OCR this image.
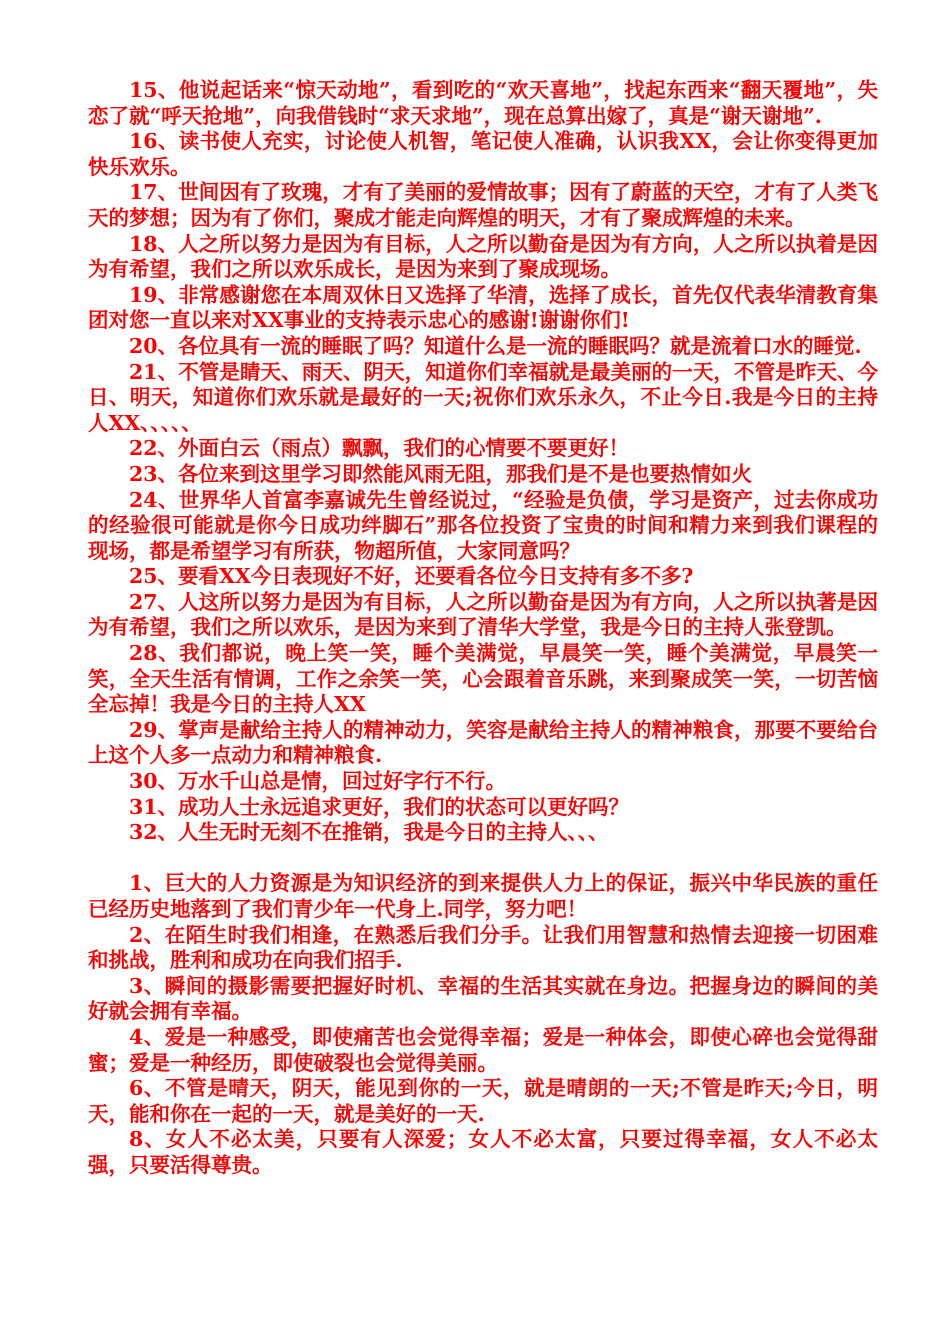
15、他说起话来“惊天动地”，看到吃的“欢天喜地”，找起东西来“翻天覆地”，失恋了就“呼天抢地”，向我借钱时“求天求地”，现在总算出嫁了，真是“谢天谢地”.

16、读书使人充实，讨论使人机智，笔记使人准确，认识我XX，会让你变得更加快乐欢乐。

17、世间因有了玫瑰，才有了美丽的爱情故事；因有了蔚蓝的天空，才有了人类飞天的梦想；因为有了你们，聚成才能走向辉煌的明天，才有了聚成辉煌的未来。

18、人之所以努力是因为有目标，人之所以勤奋是因为有方向，人之所以执着是因为有希望，我们之所以欢乐成长，是因为来到了聚成现场。

19、非常感谢您在本周双休日又选择了华清，选择了成长，首先仅代表华清教育集团对您一直以来对XX事业的支持表示忠心的感谢!谢谢你们!

20、各位具有一流的睡眠了吗？知道什么是一流的睡眠吗？就是流着口水的睡觉.

21、不管是睛天、雨天、阴天，知道你们幸福就是最美丽的一天，不管是昨天、今日、明天，知道你们欢乐就是最好的一天;祝你们欢乐永久，不止今日.我是今日的主持人XX、、、、、

22、外面白云（雨点）飘飘，我们的心情要不要更好！

23、各位来到这里学习即然能风雨无阻，那我们是不是也要热情如火

24、世界华人首富李嘉诚先生曾经说过，“经验是负债，学习是资产，过去你成功的经验很可能就是你今日成功绊脚石”那各位投资了宝贵的时间和精力来到我们课程的现场，都是希望学习有所获，物超所值，大家同意吗？

25、要看XX今日表现好不好，还要看各位今日支持有多不多?

27、人这所以努力是因为有目标，人之所以勤奋是因为有方向，人之所以执著是因为有希望，我们之所以欢乐，是因为来到了清华大学堂，我是今日的主持人张登凯。

28、我们都说，晚上笑一笑，睡个美满觉，早晨笑一笑，睡个美满觉，早晨笑一笑，全天生活有情调，工作之余笑一笑，心会跟着音乐跳，来到聚成笑一笑，一切苦恼全忘掉！我是今日的主持人XX

29、掌声是献给主持人的精神动力，笑容是献给主持人的精神粮食，那要不要给台上这个人多一点动力和精神粮食.

30、万水千山总是情，回过好字行不行。

31、成功人士永远追求更好，我们的状态可以更好吗？

32、人生无时无刻不在推销，我是今日的主持人、、、

1、巨大的人力资源是为知识经济的到来提供人力上的保证，振兴中华民族的重任已经历史地落到了我们青少年一代身上.同学，努力吧！

2、在陌生时我们相逢，在熟悉后我们分手。让我们用智慧和热情去迎接一切困难和挑战，胜利和成功在向我们招手.

3、瞬间的摄影需要把握好时机、幸福的生活其实就在身边。把握身边的瞬间的美好就会拥有幸福。

4、爱是一种感受，即使痛苦也会觉得幸福；爱是一种体会，即使心碎也会觉得甜蜜；爱是一种经历，即使破裂也会觉得美丽。

6、不管是晴天，阴天，能见到你的一天，就是晴朗的一天;不管是昨天;今日，明天，能和你在一起的一天，就是美好的一天.

8、女人不必太美，只要有人深爱；女人不必太富，只要过得幸福，女人不必太强，只要活得尊贵。
